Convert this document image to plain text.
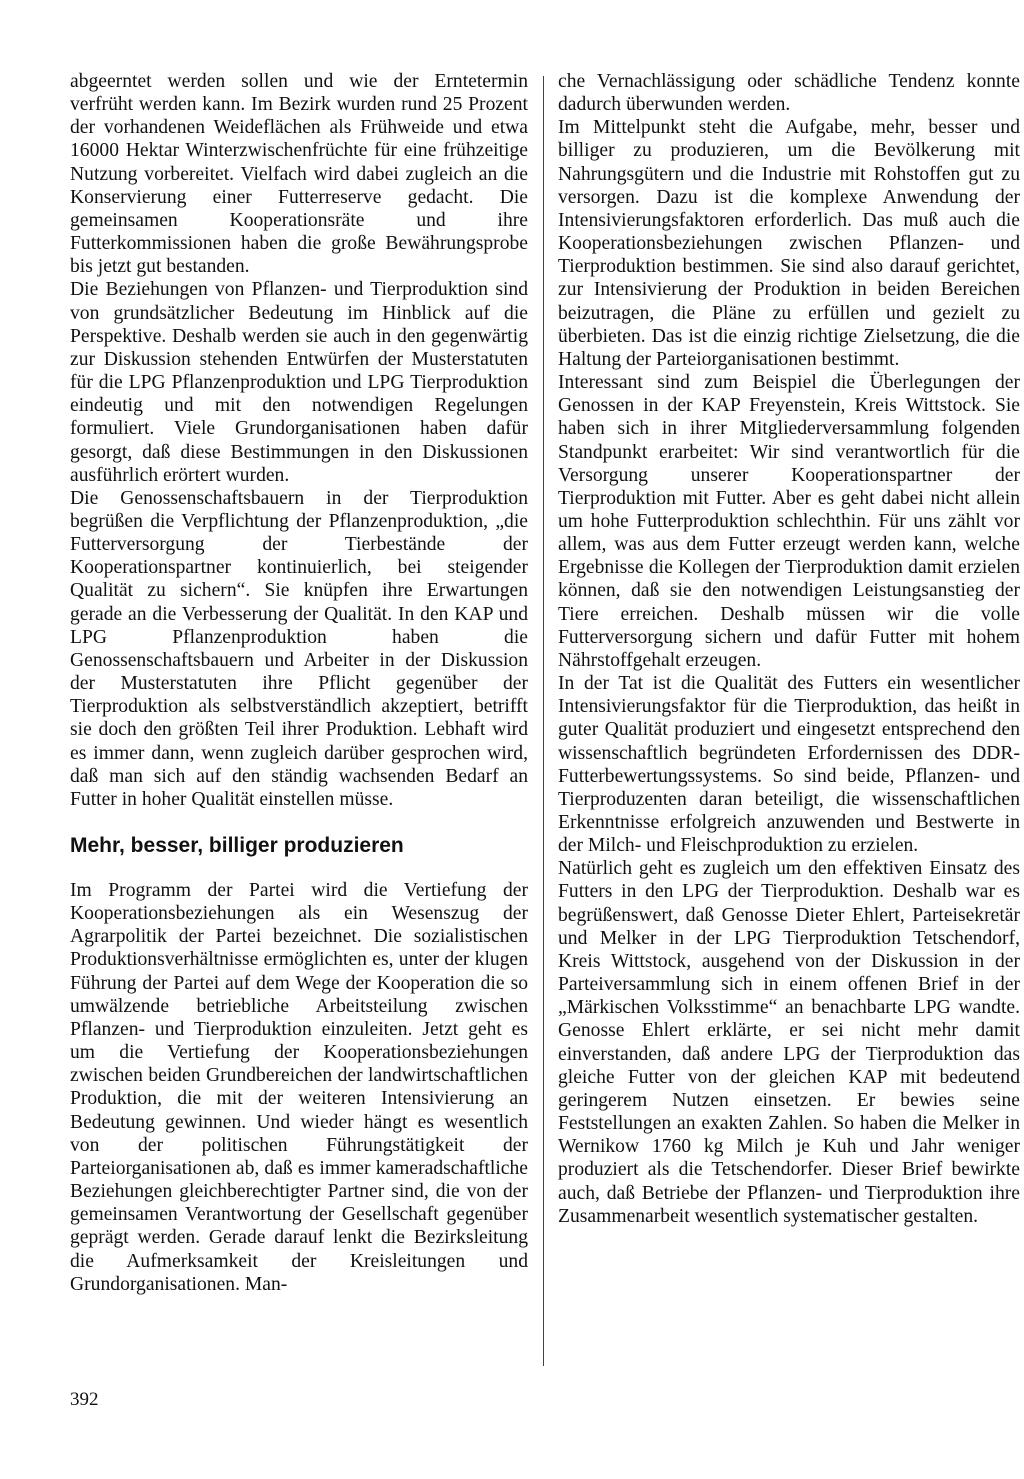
abgeerntet werden sollen und wie der Erntetermin verfrüht werden kann. Im Bezirk wurden rund 25 Prozent der vorhandenen Weideflächen als Frühweide und etwa 16000 Hektar Winterzwischenfrüchte für eine frühzeitige Nutzung vorbereitet. Vielfach wird dabei zugleich an die Konservierung einer Futterreserve gedacht. Die gemeinsamen Kooperationsräte und ihre Futterkommissionen haben die große Bewährungsprobe bis jetzt gut bestanden.

Die Beziehungen von Pflanzen- und Tierproduktion sind von grundsätzlicher Bedeutung im Hinblick auf die Perspektive. Deshalb werden sie auch in den gegenwärtig zur Diskussion stehenden Entwürfen der Musterstatuten für die LPG Pflanzenproduktion und LPG Tierproduktion eindeutig und mit den notwendigen Regelungen formuliert. Viele Grundorganisationen haben dafür gesorgt, daß diese Bestimmungen in den Diskussionen ausführlich erörtert wurden.

Die Genossenschaftsbauern in der Tierproduktion begrüßen die Verpflichtung der Pflanzenproduktion, „die Futterversorgung der Tierbestände der Kooperationspartner kontinuierlich, bei steigender Qualität zu sichern“. Sie knüpfen ihre Erwartungen gerade an die Verbesserung der Qualität. In den KAP und LPG Pflanzenproduktion haben die Genossenschaftsbauern und Arbeiter in der Diskussion der Musterstatuten ihre Pflicht gegenüber der Tierproduktion als selbstverständlich akzeptiert, betrifft sie doch den größten Teil ihrer Produktion. Lebhaft wird es immer dann, wenn zugleich darüber gesprochen wird, daß man sich auf den ständig wachsenden Bedarf an Futter in hoher Qualität einstellen müsse.

Mehr, besser, billiger produzieren

Im Programm der Partei wird die Vertiefung der Kooperationsbeziehungen als ein Wesenszug der Agrarpolitik der Partei bezeichnet. Die sozialistischen Produktionsverhältnisse ermöglichten es, unter der klugen Führung der Partei auf dem Wege der Kooperation die so umwälzende betriebliche Arbeitsteilung zwischen Pflanzen- und Tierproduktion einzuleiten. Jetzt geht es um die Vertiefung der Kooperationsbeziehungen zwischen beiden Grundbereichen der landwirtschaftlichen Produktion, die mit der weiteren Intensivierung an Bedeutung gewinnen. Und wieder hängt es wesentlich von der politischen Führungstätigkeit der Parteiorganisationen ab, daß es immer kameradschaftliche Beziehungen gleichberechtigter Partner sind, die von der gemeinsamen Verantwortung der Gesellschaft gegenüber geprägt werden. Gerade darauf lenkt die Bezirksleitung die Aufmerksamkeit der Kreisleitungen und Grundorganisationen. Man-

che Vernachlässigung oder schädliche Tendenz konnte dadurch überwunden werden.

Im Mittelpunkt steht die Aufgabe, mehr, besser und billiger zu produzieren, um die Bevölkerung mit Nahrungsgütern und die Industrie mit Rohstoffen gut zu versorgen. Dazu ist die komplexe Anwendung der Intensivierungsfaktoren erforderlich. Das muß auch die Kooperationsbeziehungen zwischen Pflanzen- und Tierproduktion bestimmen. Sie sind also darauf gerichtet, zur Intensivierung der Produktion in beiden Bereichen beizutragen, die Pläne zu erfüllen und gezielt zu überbieten. Das ist die einzig richtige Zielsetzung, die die Haltung der Parteiorganisationen bestimmt.

Interessant sind zum Beispiel die Überlegungen der Genossen in der KAP Freyenstein, Kreis Wittstock. Sie haben sich in ihrer Mitgliederversammlung folgenden Standpunkt erarbeitet: Wir sind verantwortlich für die Versorgung unserer Kooperationspartner der Tierproduktion mit Futter. Aber es geht dabei nicht allein um hohe Futterproduktion schlechthin. Für uns zählt vor allem, was aus dem Futter erzeugt werden kann, welche Ergebnisse die Kollegen der Tierproduktion damit erzielen können, daß sie den notwendigen Leistungsanstieg der Tiere erreichen. Deshalb müssen wir die volle Futterversorgung sichern und dafür Futter mit hohem Nährstoffgehalt erzeugen.

In der Tat ist die Qualität des Futters ein wesentlicher Intensivierungsfaktor für die Tierproduktion, das heißt in guter Qualität produziert und eingesetzt entsprechend den wissenschaftlich begründeten Erfordernissen des DDR-Futterbewertungssystems. So sind beide, Pflanzen- und Tierproduzenten daran beteiligt, die wissenschaftlichen Erkenntnisse erfolgreich anzuwenden und Bestwerte in der Milch- und Fleischproduktion zu erzielen.

Natürlich geht es zugleich um den effektiven Einsatz des Futters in den LPG der Tierproduktion. Deshalb war es begrüßenswert, daß Genosse Dieter Ehlert, Parteisekretär und Melker in der LPG Tierproduktion Tetschendorf, Kreis Wittstock, ausgehend von der Diskussion in der Parteiversammlung sich in einem offenen Brief in der „Märkischen Volksstimme“ an benachbarte LPG wandte. Genosse Ehlert erklärte, er sei nicht mehr damit einverstanden, daß andere LPG der Tierproduktion das gleiche Futter von der gleichen KAP mit bedeutend geringerem Nutzen einsetzen. Er bewies seine Feststellungen an exakten Zahlen. So haben die Melker in Wernikow 1760 kg Milch je Kuh und Jahr weniger produziert als die Tetschendorfer. Dieser Brief bewirkte auch, daß Betriebe der Pflanzen- und Tierproduktion ihre Zusammenarbeit wesentlich systematischer gestalten.

392
